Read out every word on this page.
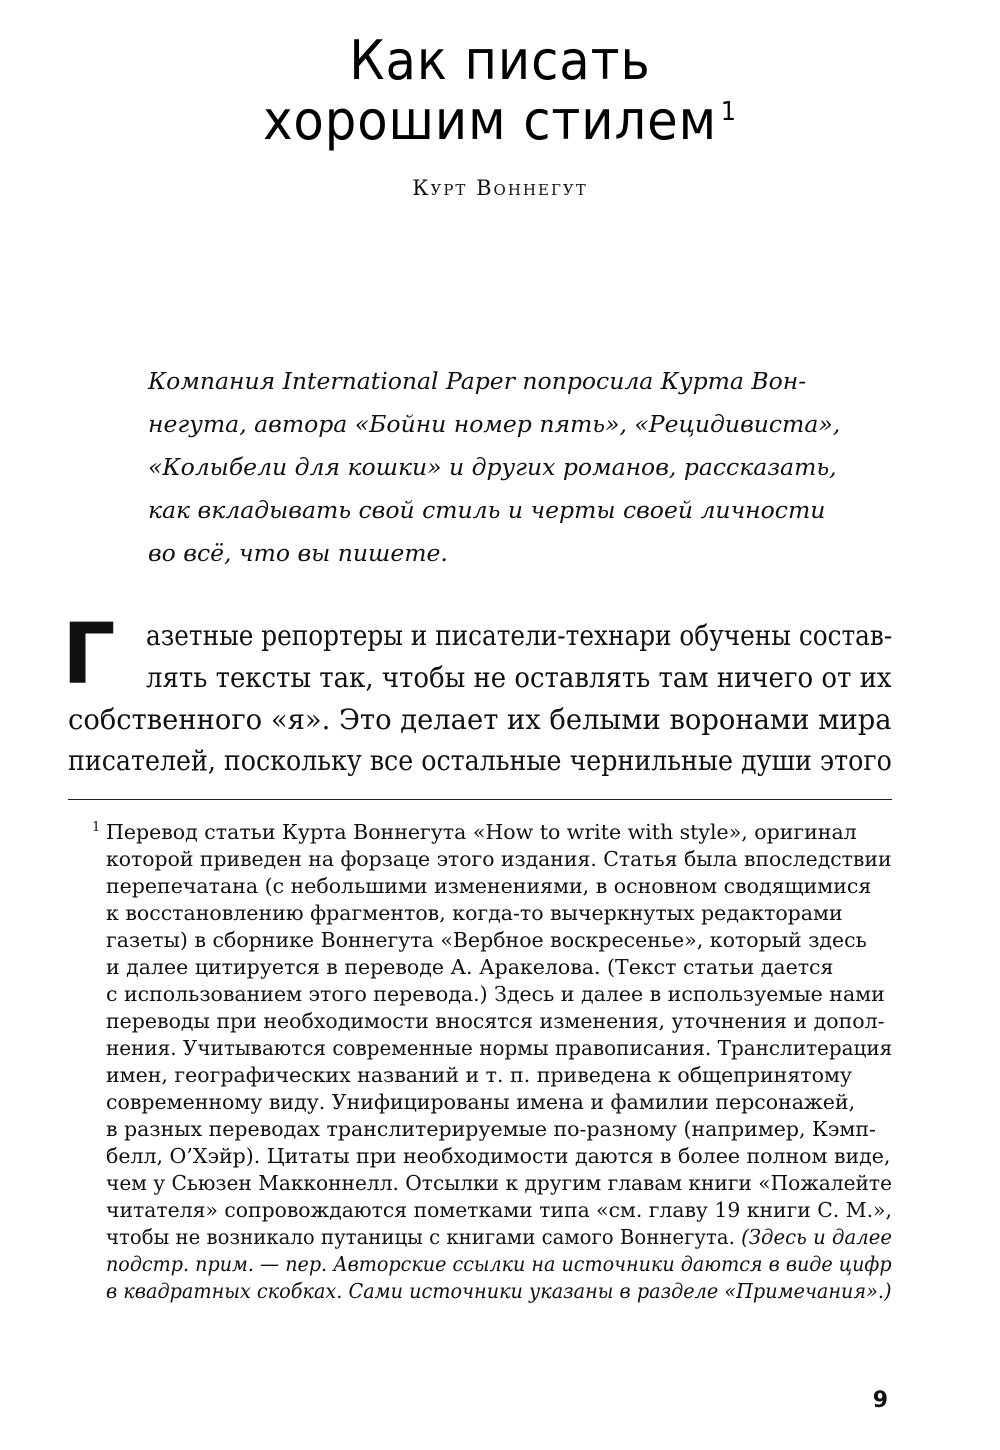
Как писать
хорошим стилем $^1$
Курт Воннегут
Компания International Paper попросила Курта Вон-
негута, автора «Бойни номер пять», «Рецидивиста»,
«Колыбели для кошки» и других романов, рассказать,
как вкладывать свой стиль и черты своей личности
во всё, что вы пишете.
Г азетные репортеры и писатели-технари обучены состав-
лять тексты так, чтобы не оставлять там ничего от их
собственного «я». Это делает их белыми воронами мира
писателей, поскольку все остальные чернильные души этого
1 Перевод статьи Курта Воннегута «How to write with style», оригинал
которой приведен на форзаце этого издания. Статья была впоследствии
перепечатана (с небольшими изменениями, в основном сводящимися
к восстановлению фрагментов, когда-то вычеркнутых редакторами
газеты) в сборнике Воннегута «Вербное воскресенье», который здесь
и далее цитируется в переводе А. Аракелова. (Текст статьи дается
с использованием этого перевода.) Здесь и далее в используемые нами
переводы при необходимости вносятся изменения, уточнения и допол-
нения. Учитываются современные нормы правописания. Транслитерация
имен, географических названий и т. п. приведена к общепринятому
современному виду. Унифицированы имена и фамилии персонажей,
в разных переводах транслитерируемые по-разному (например, Кэмп-
белл, О’Хэйр). Цитаты при необходимости даются в более полном виде,
чем у Сьюзен Макконнелл. Отсылки к другим главам книги «Пожалейте
читателя» сопровождаются пометками типа «см. главу 19 книги С. М.»,
чтобы не возникало путаницы с книгами самого Воннегута. (Здесь и далее
подстр. прим. — пер. Авторские ссылки на источники даются в виде цифр
в квадратных скобках. Сами источники указаны в разделе «Примечания».)
9
